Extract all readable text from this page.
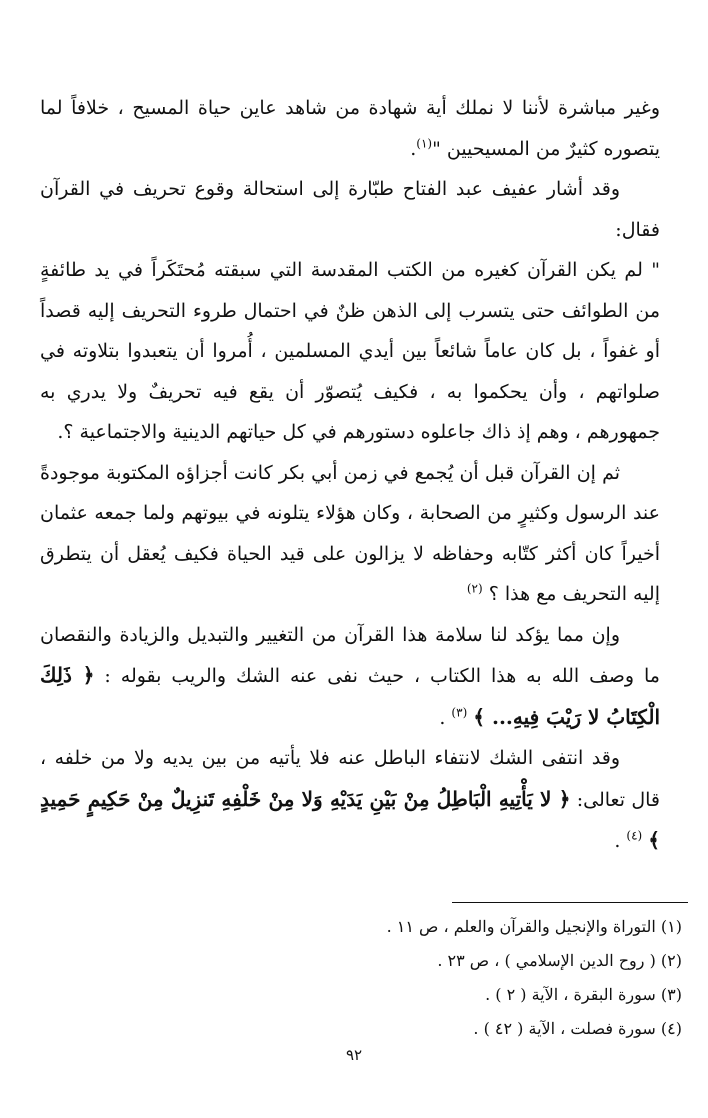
وغير مباشرة لأننا لا نملك أية شهادة من شاهد عاين حياة المسيح ، خلافاً لما يتصوره كثيرٌ من المسيحيين "$^{(١)}$.

وقد أشار عفيف عبد الفتاح طبّارة إلى استحالة وقوع تحريف في القرآن فقال:

" لم يكن القرآن كغيره من الكتب المقدسة التي سبقته مُحتَكَراً في يد طائفةٍ من الطوائف حتى يتسرب إلى الذهن ظنٌ في احتمال طروء التحريف إليه قصداً أو غفواً ، بل كان عاماً شائعاً بين أيدي المسلمين ، أُمروا أن يتعبدوا بتلاوته في صلواتهم ، وأن يحكموا به ، فكيف يُتصوّر أن يقع فيه تحريفٌ ولا يدري به جمهورهم ، وهم إذ ذاك جاعلوه دستورهم في كل حياتهم الدينية والاجتماعية ؟.

ثم إن القرآن قبل أن يُجمع في زمن أبي بكر كانت أجزاؤه المكتوبة موجودةً عند الرسول وكثيرٍ من الصحابة ، وكان هؤلاء يتلونه في بيوتهم ولما جمعه عثمان أخيراً كان أكثر كتّابه وحفاظه لا يزالون على قيد الحياة فكيف يُعقل أن يتطرق إليه التحريف مع هذا ؟ $^{(٢)}$

وإن مما يؤكد لنا سلامة هذا القرآن من التغيير والتبديل والزيادة والنقصان ما وصف الله به هذا الكتاب ، حيث نفى عنه الشك والريب بقوله : ﴿ ذَلِكَ الْكِتَابُ لا رَيْبَ فِيهِ... ﴾ $^{(٣)}$ .

وقد انتفى الشك لانتفاء الباطل عنه فلا يأتيه من بين يديه ولا من خلفه ، قال تعالى: ﴿ لا يَأْتِيهِ الْبَاطِلُ مِنْ بَيْنِ يَدَيْهِ وَلا مِنْ خَلْفِهِ تَنزِيلٌ مِنْ حَكِيمٍ حَمِيدٍ ﴾ $^{(٤)}$ .

(١) التوراة والإنجيل والقرآن والعلم ، ص ١١ .
(٢) ( روح الدين الإسلامي ) ، ص ٢٣ .
(٣) سورة البقرة ، الآية ( ٢ ) .
(٤) سورة فصلت ، الآية ( ٤٢ ) .
٩٢
